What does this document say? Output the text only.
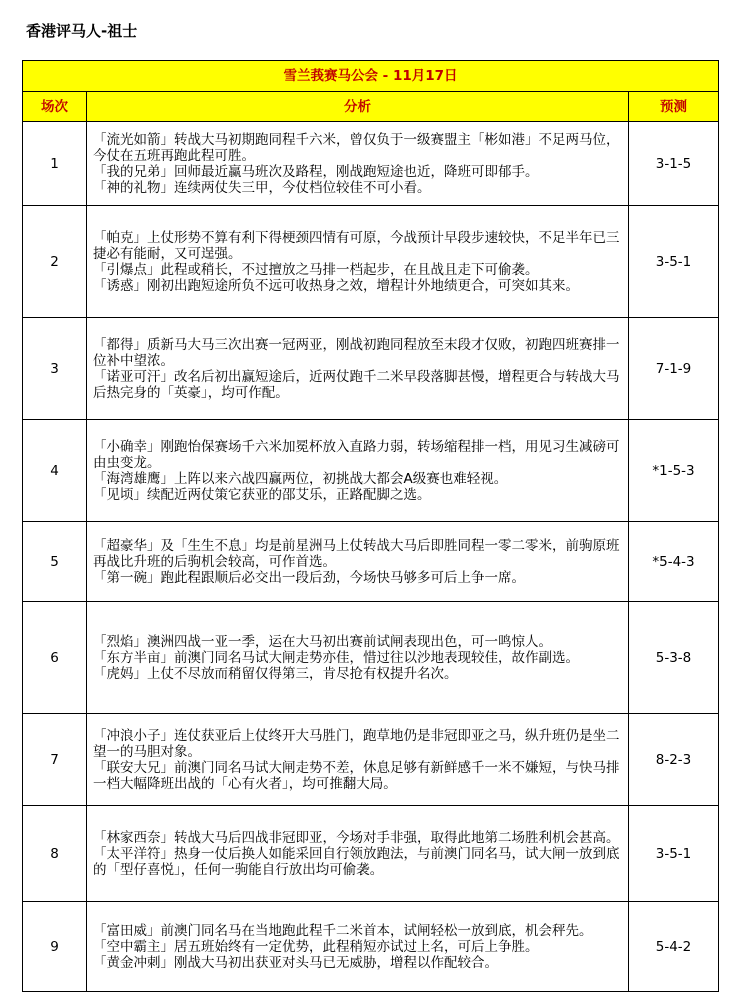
香港评马人-祖士
雪兰莪赛马公会 - 11月17日		
场次	分析	预测
1	「流光如箭」转战大马初期跑同程千六米，曾仅负于一级赛盟主「彬如港」不足两马位，今仗在五班再跑此程可胜。
「我的兄弟」回师最近赢马班次及路程，刚战跑短途也近，降班可即郁手。
「神的礼物」连续两仗失三甲，今仗档位较佳不可小看。	3-1-5
2	「帕克」上仗形势不算有利下得梗颈四情有可原，今战预计早段步速较快，不足半年已三捷必有能耐，又可逞强。
「引爆点」此程或稍长，不过擅放之马排一档起步，在且战且走下可偷袭。
「诱惑」刚初出跑短途所负不远可收热身之效，增程计外地绩更合，可突如其来。	3-5-1
3	「都得」质新马大马三次出赛一冠两亚，刚战初跑同程放至末段才仅败，初跑四班赛排一位补中望浓。
「诺亚可汗」改名后初出赢短途后，近两仗跑千二米早段落脚甚慢，增程更合与转战大马后热完身的「英豪」，均可作配。	7-1-9
4	「小确幸」刚跑怡保赛场千六米加冕杯放入直路力弱，转场缩程排一档，用见习生减磅可由虫变龙。
「海湾雄鹰」上阵以来六战四赢两位，初挑战大都会A级赛也难轻视。
「见顷」续配近两仗策它获亚的邵艾乐，正路配脚之选。	*1-5-3
5	「超豪华」及「生生不息」均是前星洲马上仗转战大马后即胜同程一零二零米，前驹原班再战比升班的后驹机会较高，可作首选。
「第一碗」跑此程跟顺后必交出一段后劲，今场快马够多可后上争一席。	*5-4-3
6	「烈焰」澳洲四战一亚一季，运在大马初出赛前试闸表现出色，可一鸣惊人。
「东方半亩」前澳门同名马试大闸走势亦佳，惜过往以沙地表现较佳，故作副选。
「虎妈」上仗不尽放而稍留仅得第三，肯尽抢有权提升名次。	5-3-8
7	「冲浪小子」连仗获亚后上仗终开大马胜门，跑草地仍是非冠即亚之马，纵升班仍是坐二望一的马胆对象。
「联安大兄」前澳门同名马试大闸走势不差，休息足够有新鲜感千一米不嫌短，与快马排一档大幅降班出战的「心有火者」，均可推翻大局。	8-2-3
8	「林家西奈」转战大马后四战非冠即亚，今场对手非强，取得此地第二场胜利机会甚高。
「太平洋符」热身一仗后换人如能采回自行领放跑法，与前澳门同名马，试大闸一放到底的「型仔喜悦」，任何一驹能自行放出均可偷袭。	3-5-1
9	「富田威」前澳门同名马在当地跑此程千二米首本，试闸轻松一放到底，机会秤先。
「空中霸主」居五班始终有一定优势，此程稍短亦试过上名，可后上争胜。
「黄金冲刺」刚战大马初出获亚对头马已无威胁，增程以作配较合。	5-4-2
